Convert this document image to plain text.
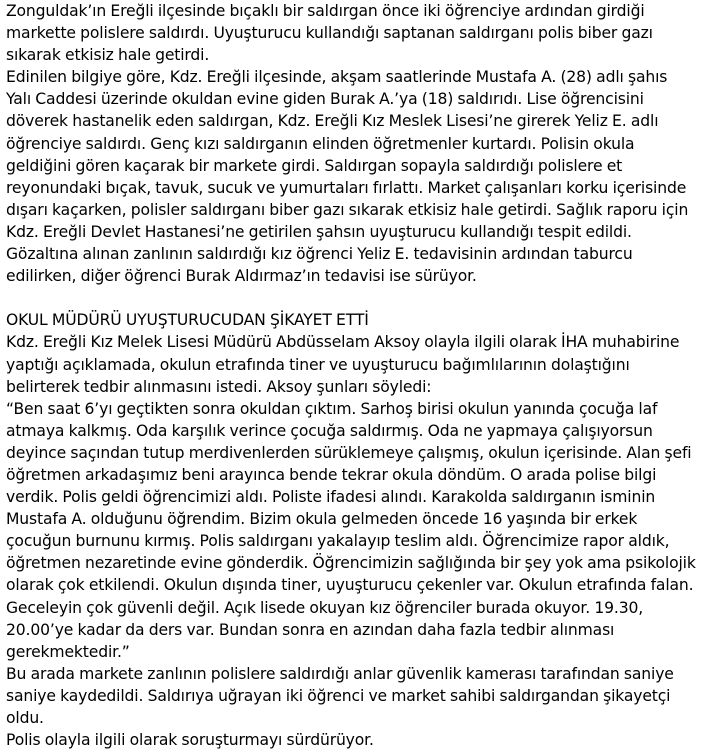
Zonguldak’ın Ereğli ilçesinde bıçaklı bir saldırgan önce iki öğrenciye ardından girdiği
markette polislere saldırdı. Uyuşturucu kullandığı saptanan saldırganı polis biber gazı
sıkarak etkisiz hale getirdi.
Edinilen bilgiye göre, Kdz. Ereğli ilçesinde, akşam saatlerinde Mustafa A. (28) adlı şahıs
Yalı Caddesi üzerinde okuldan evine giden Burak A.’ya (18) saldırıdı. Lise öğrencisini
döverek hastanelik eden saldırgan, Kdz. Ereğli Kız Meslek Lisesi’ne girerek Yeliz E. adlı
öğrenciye saldırdı. Genç kızı saldırganın elinden öğretmenler kurtardı. Polisin okula
geldiğini gören kaçarak bir markete girdi. Saldırgan sopayla saldırdığı polislere et
reyonundaki bıçak, tavuk, sucuk ve yumurtaları fırlattı. Market çalışanları korku içerisinde
dışarı kaçarken, polisler saldırganı biber gazı sıkarak etkisiz hale getirdi. Sağlık raporu için
Kdz. Ereğli Devlet Hastanesi’ne getirilen şahsın uyuşturucu kullandığı tespit edildi.
Gözaltına alınan zanlının saldırdığı kız öğrenci Yeliz E. tedavisinin ardından taburcu
edilirken, diğer öğrenci Burak Aldırmaz’ın tedavisi ise sürüyor.
OKUL MÜDÜRÜ UYUŞTURUCUDAN ŞİKAYET ETTİ
Kdz. Ereğli Kız Melek Lisesi Müdürü Abdüsselam Aksoy olayla ilgili olarak İHA muhabirine
yaptığı açıklamada, okulun etrafında tiner ve uyuşturucu bağımlılarının dolaştığını
belirterek tedbir alınmasını istedi. Aksoy şunları söyledi:
“Ben saat 6’yı geçtikten sonra okuldan çıktım. Sarhoş birisi okulun yanında çocuğa laf
atmaya kalkmış. Oda karşılık verince çocuğa saldırmış. Oda ne yapmaya çalışıyorsun
deyince saçından tutup merdivenlerden sürüklemeye çalışmış, okulun içerisinde. Alan şefi
öğretmen arkadaşımız beni arayınca bende tekrar okula döndüm. O arada polise bilgi
verdik. Polis geldi öğrencimizi aldı. Poliste ifadesi alındı. Karakolda saldırganın isminin
Mustafa A. olduğunu öğrendim. Bizim okula gelmeden öncede 16 yaşında bir erkek
çocuğun burnunu kırmış. Polis saldırganı yakalayıp teslim aldı. Öğrencimize rapor aldık,
öğretmen nezaretinde evine gönderdik. Öğrencimizin sağlığında bir şey yok ama psikolojik
olarak çok etkilendi. Okulun dışında tiner, uyuşturucu çekenler var. Okulun etrafında falan.
Geceleyin çok güvenli değil. Açık lisede okuyan kız öğrenciler burada okuyor. 19.30,
20.00’ye kadar da ders var. Bundan sonra en azından daha fazla tedbir alınması
gerekmektedir.”
Bu arada markete zanlının polislere saldırdığı anlar güvenlik kamerası tarafından saniye
saniye kaydedildi. Saldırıya uğrayan iki öğrenci ve market sahibi saldırgandan şikayetçi
oldu.
Polis olayla ilgili olarak soruşturmayı sürdürüyor.
